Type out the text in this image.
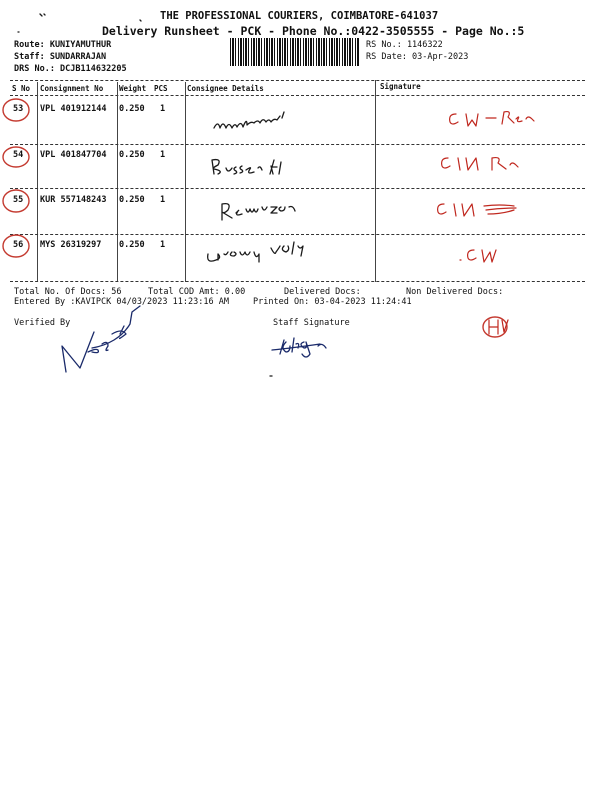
THE PROFESSIONAL COURIERS, COIMBATORE-641037
Delivery Runsheet - PCK - Phone No.:0422-3505555 - Page No.:5
Route: KUNIYAMUTHUR
Staff: SUNDARRAJAN
DRS No.: DCJB114632205
RS No.: 1146322
RS Date: 03-Apr-2023
S No Consignment No Weight PCS	Consignee Details	Signature
53 VPL 401912144 0.250 1
54 VPL 401847704 0.250 1
55 KUR 557148243 0.250 1
56 MYS 26319297 0.250 1
Total No. Of Docs: 56	Total COD Amt: 0.00	Delivered Docs:	Non Delivered Docs:
Entered By :KAVIPCK 04/03/2023 11:23:16 AM	Printed On: 03-04-2023 11:24:41
Verified By	Staff Signature
